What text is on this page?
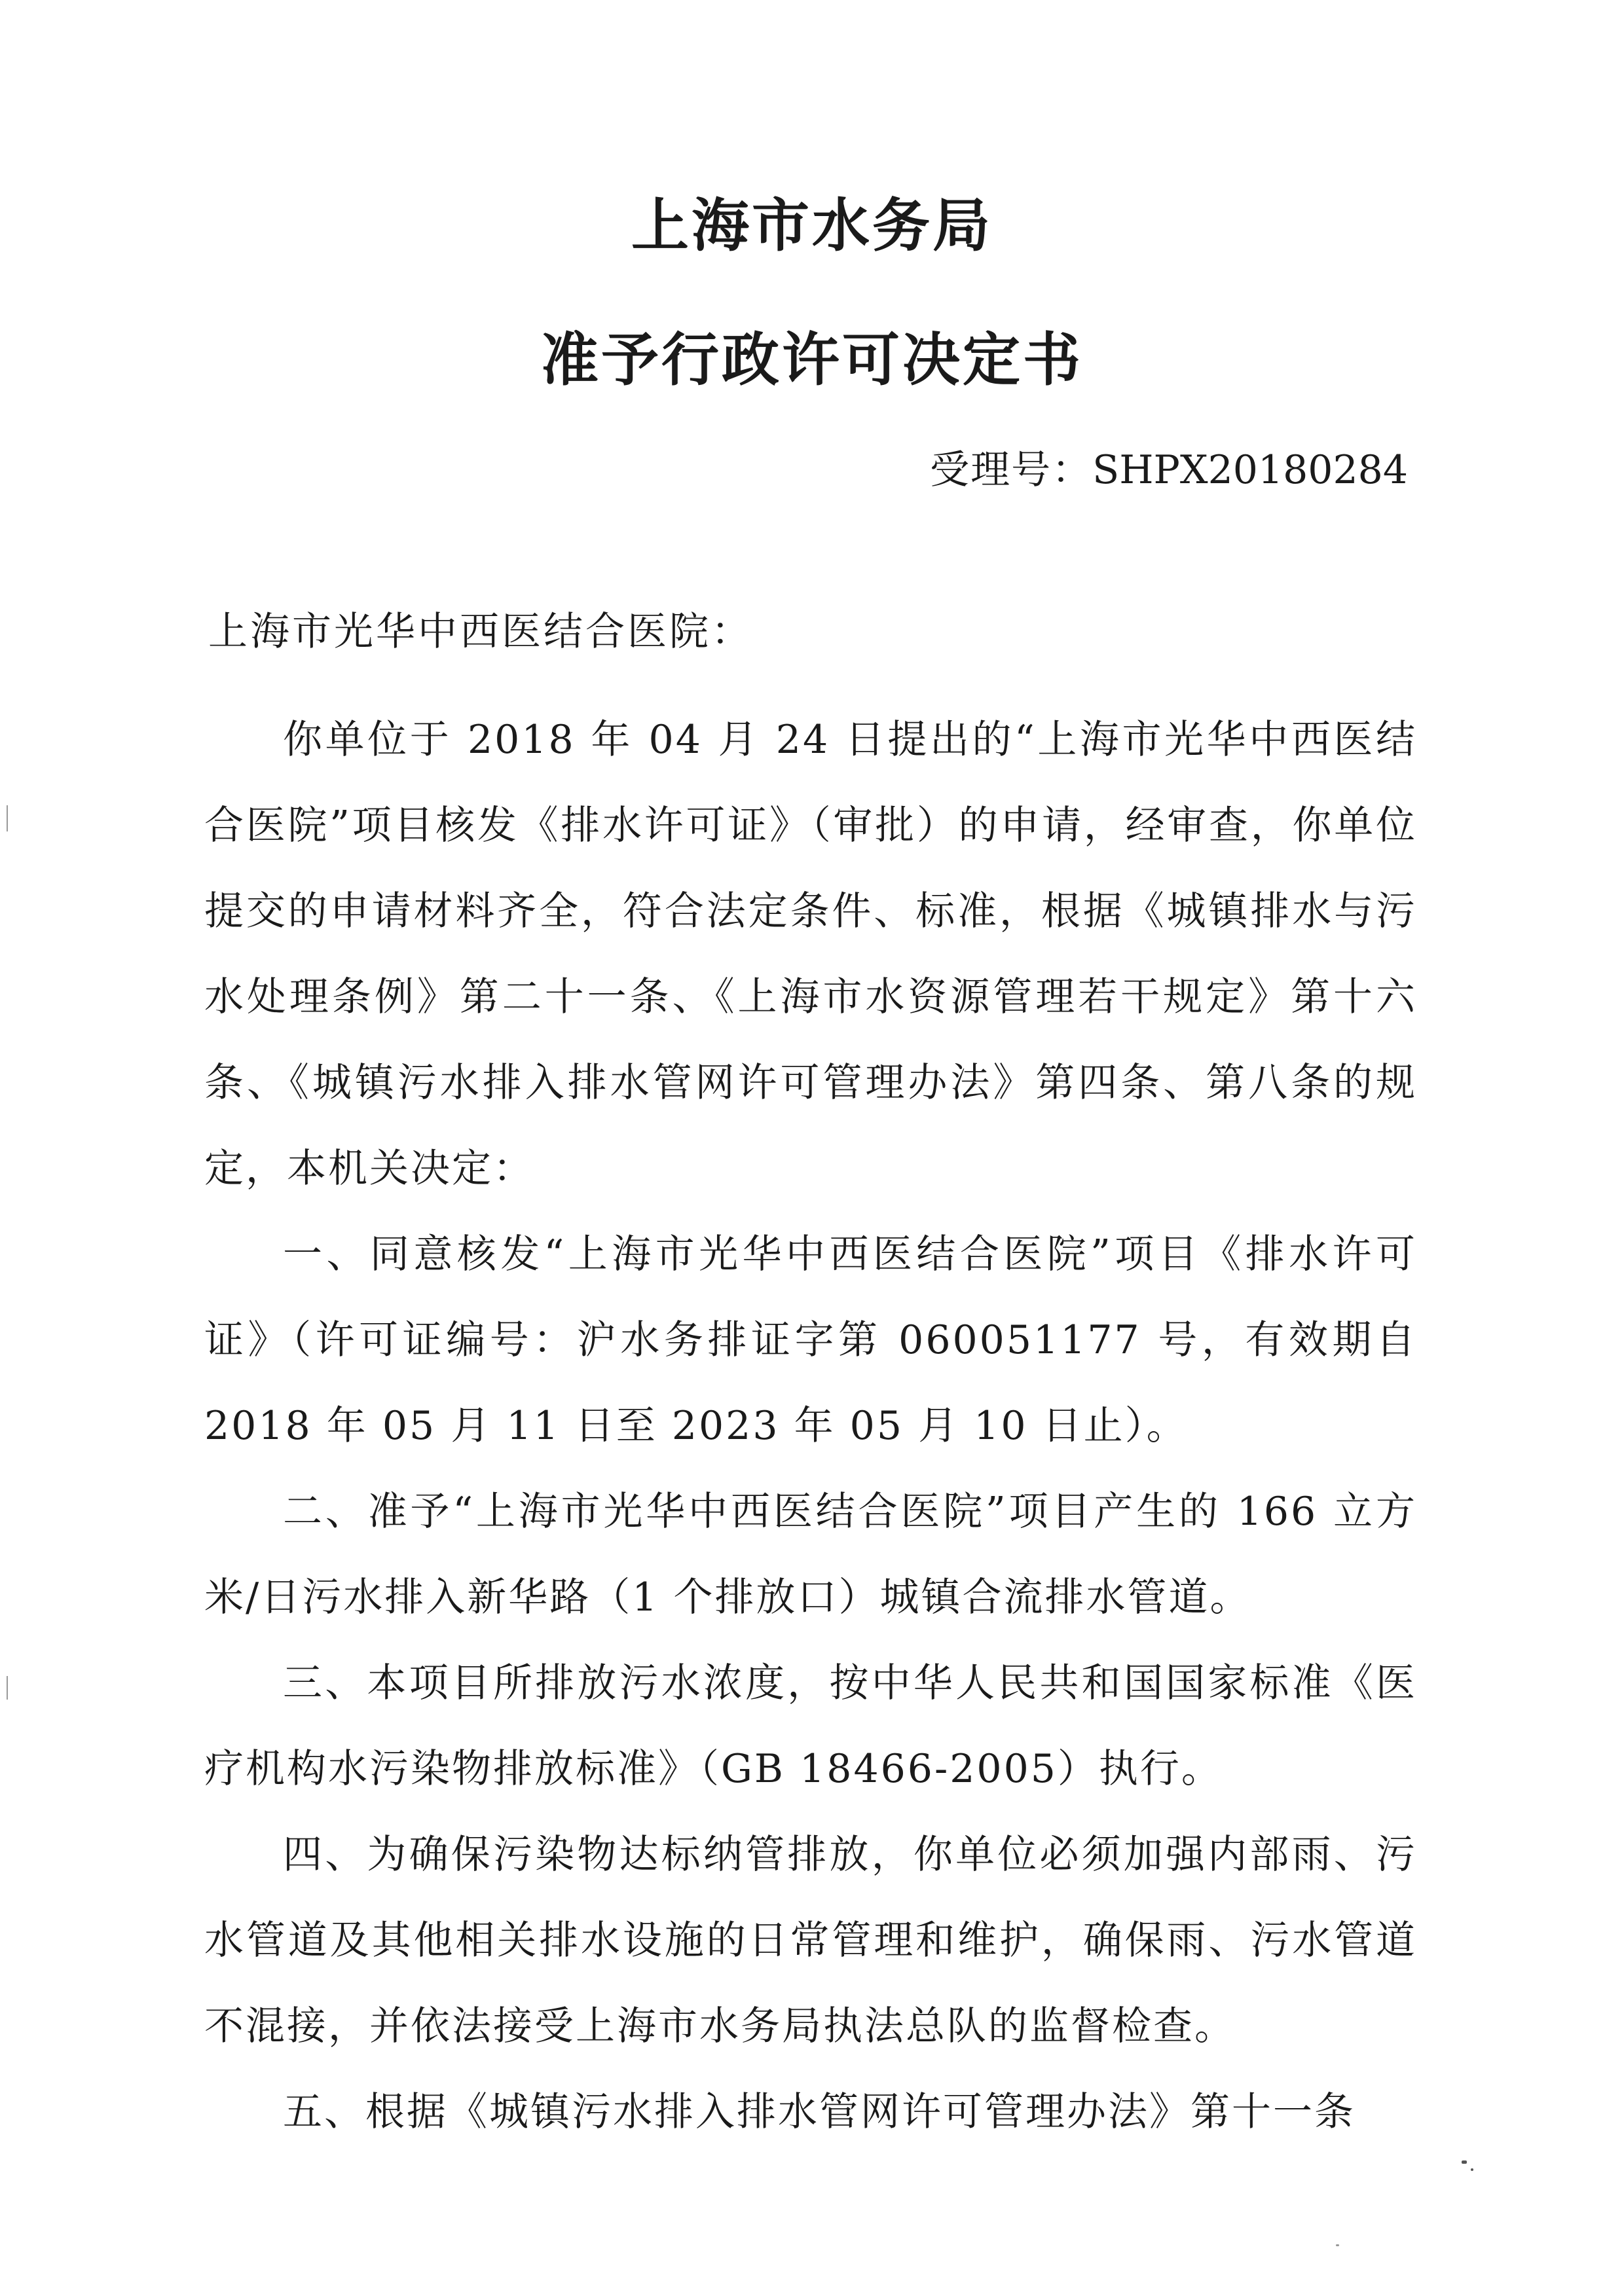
上海市水务局
准予行政许可决定书
受理号：SHPX20180284
上海市光华中西医结合医院：

你单位于 2018 年 04 月 24 日提出的“上海市光华中西医结合医院”项目核发《排水许可证》（审批）的申请，经审查，你单位提交的申请材料齐全，符合法定条件、标准，根据《城镇排水与污水处理条例》第二十一条、《上海市水资源管理若干规定》第十六条、《城镇污水排入排水管网许可管理办法》第四条、第八条的规定，本机关决定：

一、同意核发“上海市光华中西医结合医院”项目《排水许可证》（许可证编号：沪水务排证字第 060051177 号，有效期自 2018 年 05 月 11 日至 2023 年 05 月 10 日止）。

二、准予“上海市光华中西医结合医院”项目产生的 166 立方米/日污水排入新华路（1 个排放口）城镇合流排水管道。

三、本项目所排放污水浓度，按中华人民共和国国家标准《医疗机构水污染物排放标准》（GB 18466-2005）执行。

四、为确保污染物达标纳管排放，你单位必须加强内部雨、污水管道及其他相关排水设施的日常管理和维护，确保雨、污水管道不混接，并依法接受上海市水务局执法总队的监督检查。

五、根据《城镇污水排入排水管网许可管理办法》第十一条
